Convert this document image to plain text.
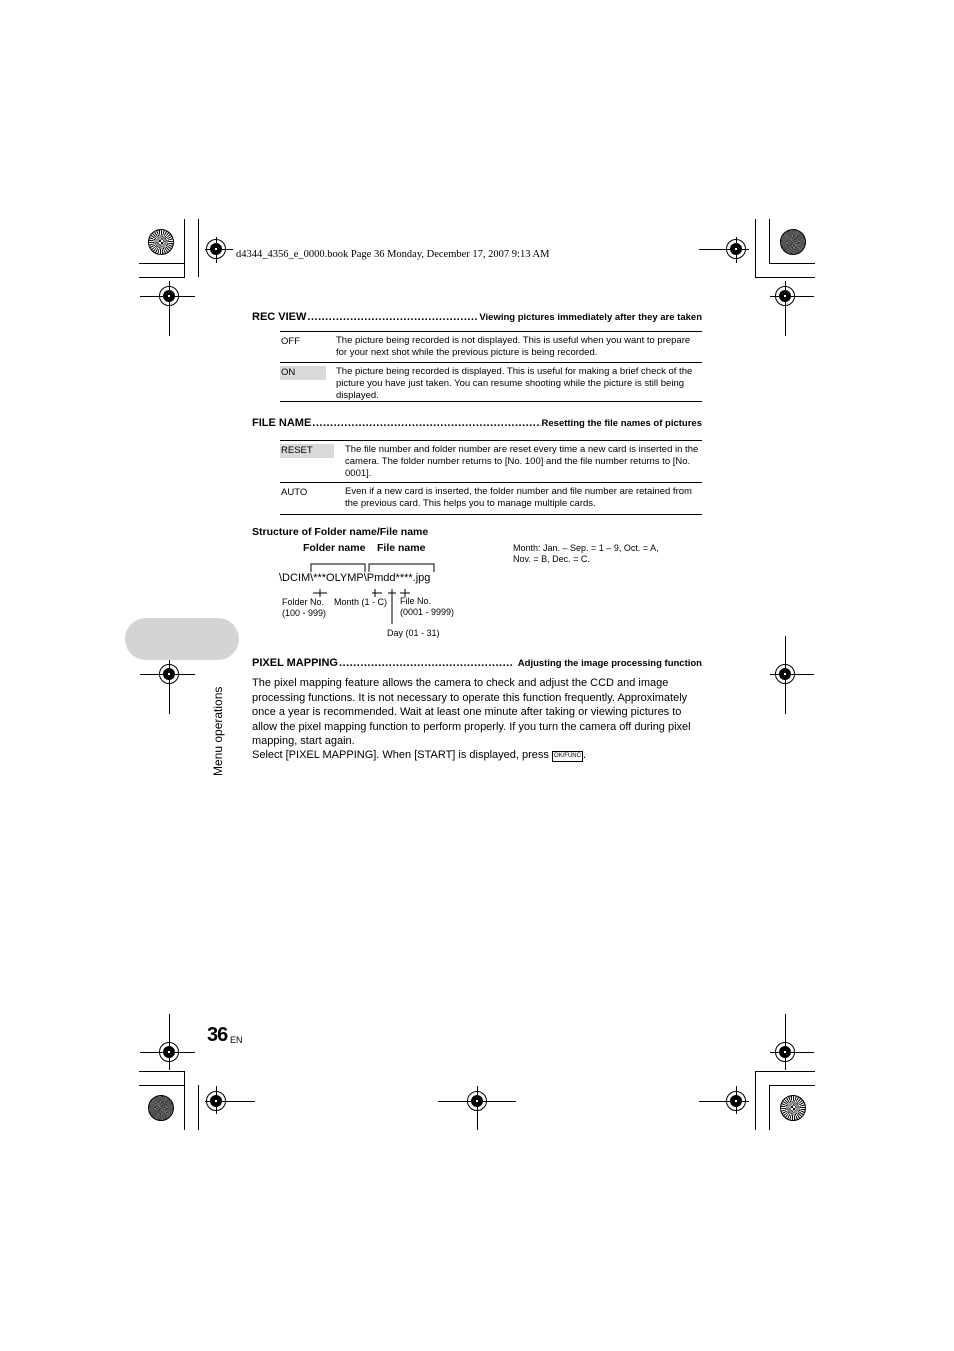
d4344_4356_e_0000.book Page 36 Monday, December 17, 2007 9:13 AM
REC VIEW .....	Viewing pictures immediately after they are taken
OFF	The picture being recorded is not displayed. This is useful when you want to prepare for your next shot while the previous picture is being recorded.
ON	The picture being recorded is displayed. This is useful for making a brief check of the picture you have just taken. You can resume shooting while the picture is still being displayed.
FILE NAME .....	Resetting the file names of pictures
RESET	The file number and folder number are reset every time a new card is inserted in the camera. The folder number returns to [No. 100] and the file number returns to [No. 0001].
AUTO	Even if a new card is inserted, the folder number and file number are retained from the previous card. This helps you to manage multiple cards.
Structure of Folder name/File name
Folder name File name
\DCIM\***OLYMP\Pmdd****.jpg
Folder No.
(100 - 999)
Month (1 - C) File No.
(0001 - 9999)
Day (01 - 31)
Month: Jan. – Sep. = 1 – 9, Oct. = A,
Nov. = B, Dec. = C.
Menu operations
PIXEL MAPPING .....	Adjusting the image processing function
The pixel mapping feature allows the camera to check and adjust the CCD and image processing functions. It is not necessary to operate this function frequently. Approximately once a year is recommended. Wait at least one minute after taking or viewing pictures to allow the pixel mapping function to perform properly. If you turn the camera off during pixel mapping, start again.
Select [PIXEL MAPPING]. When [START] is displayed, press OK/FUNC .
36 EN
